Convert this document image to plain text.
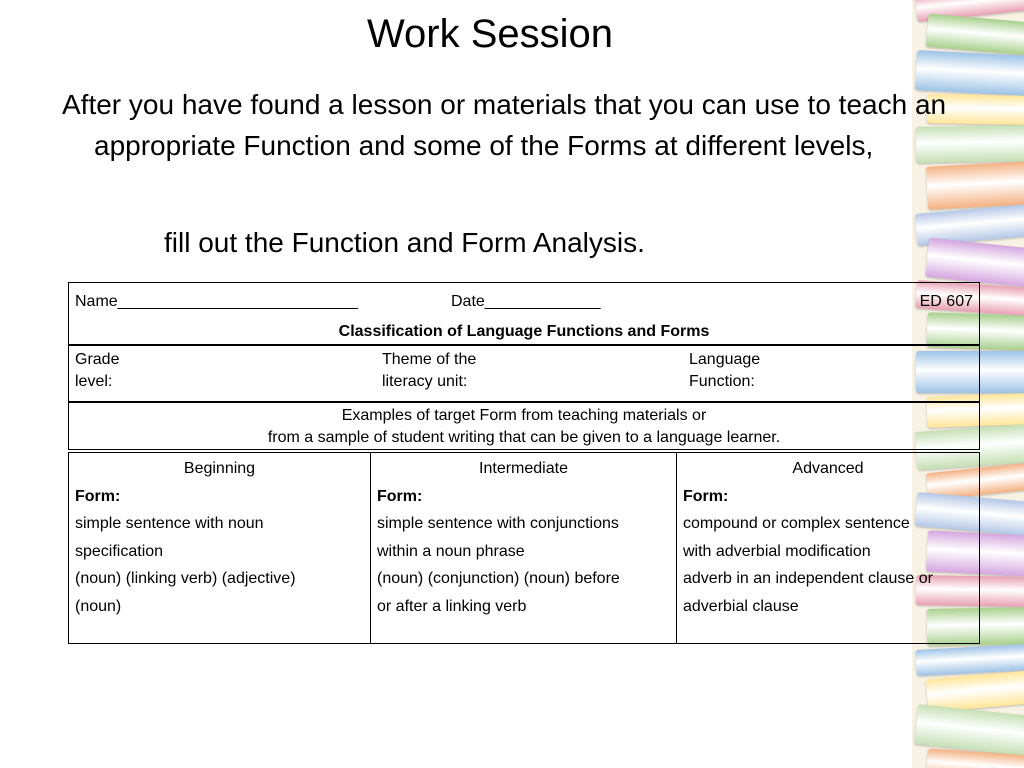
Work Session
After you have found a lesson or materials that you can use to teach an appropriate Function and some of the Forms at different levels,
fill out the Function and Form Analysis.
Name___________________________	Date_____________	ED 607
Classification of Language Functions and Forms
Grade
level:
Theme of the
literacy unit:
Language
Function:
Examples of target Form from teaching materials or
from a sample of student writing that can be given to a language learner.
Beginning
Form:
simple sentence with noun
specification
(noun) (linking verb) (adjective)
(noun)
Intermediate
Form:
simple sentence with conjunctions
within a noun phrase
(noun) (conjunction) (noun) before
or after a linking verb
Advanced
Form:
compound or complex sentence
with adverbial modification
adverb in an independent clause or
adverbial clause
